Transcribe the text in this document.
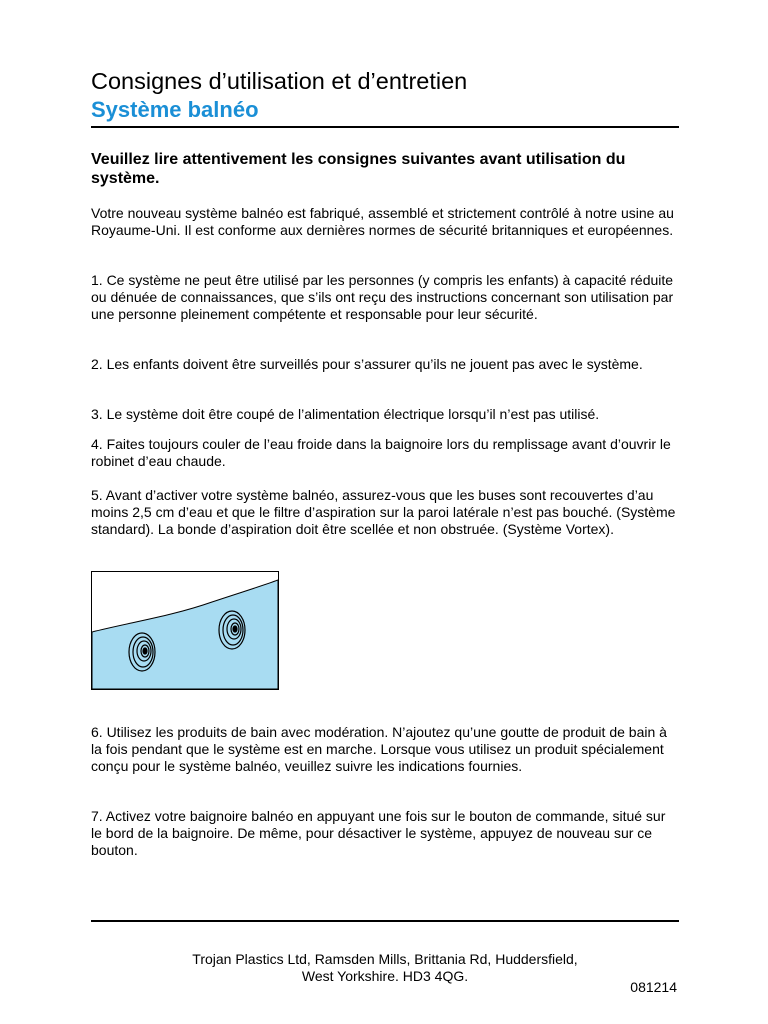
Consignes d’utilisation et d’entretien
Système balnéo

Veuillez lire attentivement les consignes suivantes avant utilisation du système.

Votre nouveau système balnéo est fabriqué, assemblé et strictement contrôlé à notre usine au Royaume-Uni. Il est conforme aux dernières normes de sécurité britanniques et européennes.

1. Ce système ne peut être utilisé par les personnes (y compris les enfants) à capacité réduite ou dénuée de connaissances, que s’ils ont reçu des instructions concernant son utilisation par une personne pleinement compétente et responsable pour leur sécurité.

2. Les enfants doivent être surveillés pour s’assurer qu’ils ne jouent pas avec le système.

3. Le système doit être coupé de l’alimentation électrique lorsqu’il n’est pas utilisé.

4. Faites toujours couler de l’eau froide dans la baignoire lors du remplissage avant d’ouvrir le robinet d’eau chaude.

5. Avant d’activer votre système balnéo, assurez-vous que les buses sont recouvertes d’au moins 2,5 cm d’eau et que le filtre d’aspiration sur la paroi latérale n’est pas bouché. (Système standard). La bonde d’aspiration doit être scellée et non obstruée. (Système Vortex).

6. Utilisez les produits de bain avec modération. N’ajoutez qu’une goutte de produit de bain à la fois pendant que le système est en marche. Lorsque vous utilisez un produit spécialement conçu pour le système balnéo, veuillez suivre les indications fournies.

7. Activez votre baignoire balnéo en appuyant une fois sur le bouton de commande, situé sur le bord de la baignoire. De même, pour désactiver le système, appuyez de nouveau sur ce bouton.

Trojan Plastics Ltd, Ramsden Mills, Brittania Rd, Huddersfield,
West Yorkshire. HD3 4QG.
081214
